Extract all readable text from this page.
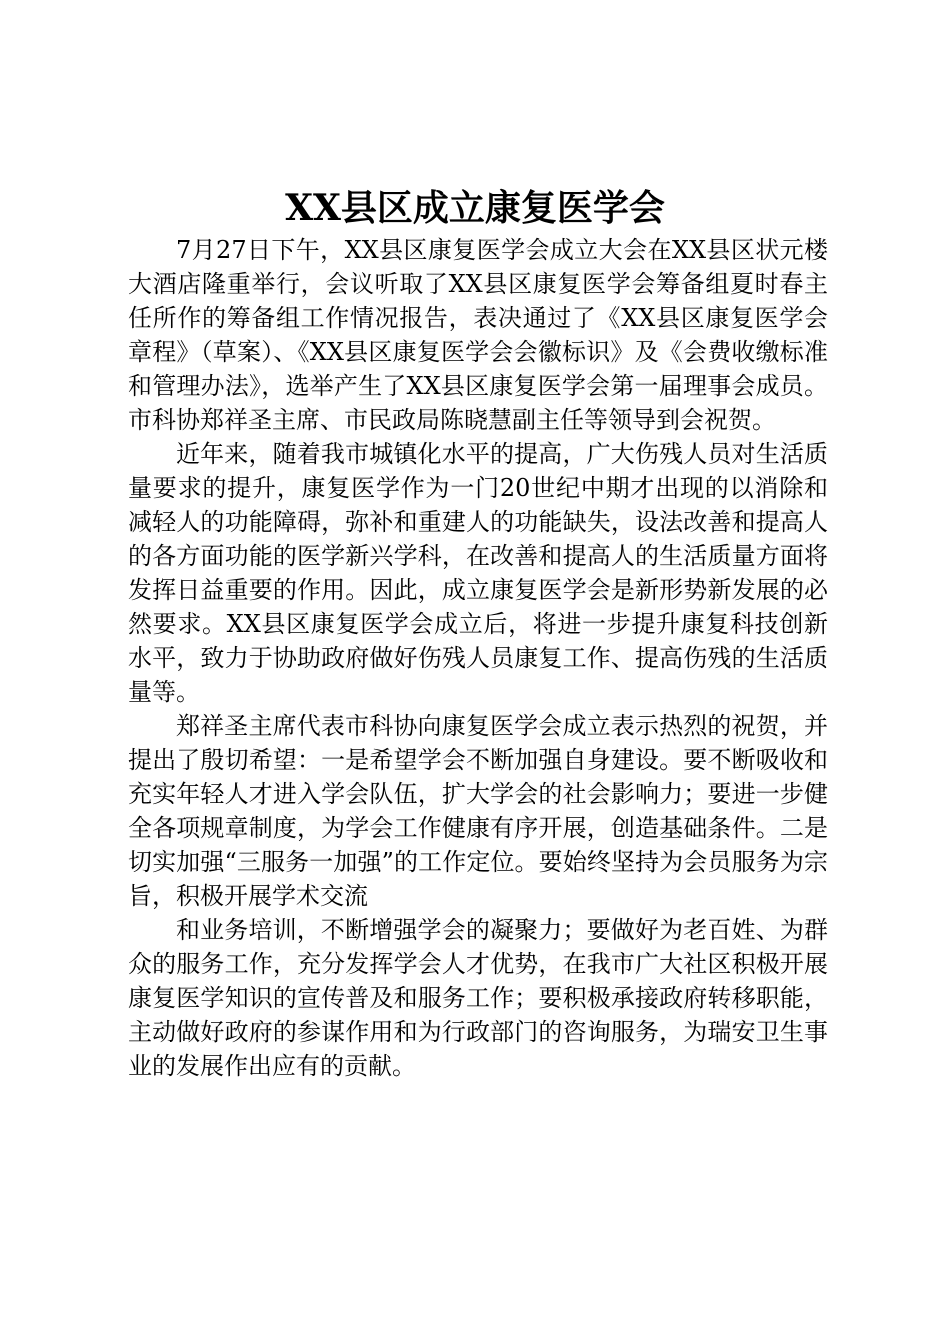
XX县区成立康复医学会

7月27日下午，XX县区康复医学会成立大会在XX县区状元楼大酒店隆重举行，会议听取了XX县区康复医学会筹备组夏时春主任所作的筹备组工作情况报告，表决通过了《XX县区康复医学会章程》（草案）、《XX县区康复医学会会徽标识》及《会费收缴标准和管理办法》，选举产生了XX县区康复医学会第一届理事会成员。市科协郑祥圣主席、市民政局陈晓慧副主任等领导到会祝贺。

近年来，随着我市城镇化水平的提高，广大伤残人员对生活质量要求的提升，康复医学作为一门20世纪中期才出现的以消除和减轻人的功能障碍，弥补和重建人的功能缺失，设法改善和提高人的各方面功能的医学新兴学科，在改善和提高人的生活质量方面将发挥日益重要的作用。因此，成立康复医学会是新形势新发展的必然要求。XX县区康复医学会成立后，将进一步提升康复科技创新水平，致力于协助政府做好伤残人员康复工作、提高伤残的生活质量等。

郑祥圣主席代表市科协向康复医学会成立表示热烈的祝贺，并提出了殷切希望：一是希望学会不断加强自身建设。要不断吸收和充实年轻人才进入学会队伍，扩大学会的社会影响力；要进一步健全各项规章制度，为学会工作健康有序开展，创造基础条件。二是切实加强“三服务一加强”的工作定位。要始终坚持为会员服务为宗旨，积极开展学术交流

和业务培训，不断增强学会的凝聚力；要做好为老百姓、为群众的服务工作，充分发挥学会人才优势，在我市广大社区积极开展康复医学知识的宣传普及和服务工作；要积极承接政府转移职能，主动做好政府的参谋作用和为行政部门的咨询服务，为瑞安卫生事业的发展作出应有的贡献。
